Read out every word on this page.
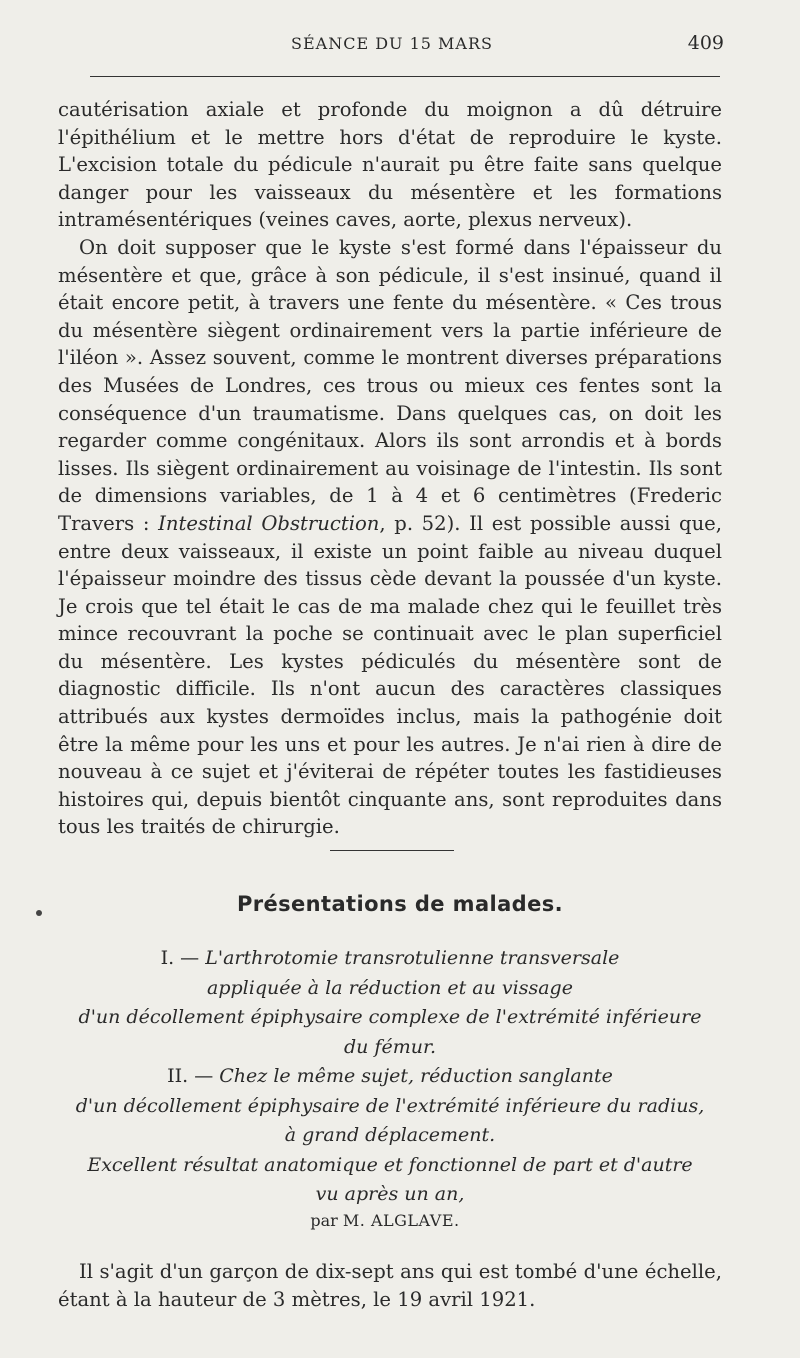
SÉANCE DU 15 MARS	409

cautérisation axiale et profonde du moignon a dû détruire l'épithélium et le mettre hors d'état de reproduire le kyste. L'excision totale du pédicule n'aurait pu être faite sans quelque danger pour les vaisseaux du mésentère et les formations intramésentériques (veines caves, aorte, plexus nerveux).

On doit supposer que le kyste s'est formé dans l'épaisseur du mésentère et que, grâce à son pédicule, il s'est insinué, quand il était encore petit, à travers une fente du mésentère. « Ces trous du mésentère siègent ordinairement vers la partie inférieure de l'iléon ». Assez souvent, comme le montrent diverses préparations des Musées de Londres, ces trous ou mieux ces fentes sont la conséquence d'un traumatisme. Dans quelques cas, on doit les regarder comme congénitaux. Alors ils sont arrondis et à bords lisses. Ils siègent ordinairement au voisinage de l'intestin. Ils sont de dimensions variables, de 1 à 4 et 6 centimètres (Frederic Travers : Intestinal Obstruction, p. 52). Il est possible aussi que, entre deux vaisseaux, il existe un point faible au niveau duquel l'épaisseur moindre des tissus cède devant la poussée d'un kyste. Je crois que tel était le cas de ma malade chez qui le feuillet très mince recouvrant la poche se continuait avec le plan superficiel du mésentère. Les kystes pédiculés du mésentère sont de diagnostic difficile. Ils n'ont aucun des caractères classiques attribués aux kystes dermoïdes inclus, mais la pathogénie doit être la même pour les uns et pour les autres. Je n'ai rien à dire de nouveau à ce sujet et j'éviterai de répéter toutes les fastidieuses histoires qui, depuis bientôt cinquante ans, sont reproduites dans tous les traités de chirurgie.

Présentations de malades.
I. — L'arthrotomie transrotulienne transversale
appliquée à la réduction et au vissage
d'un décollement épiphysaire complexe de l'extrémité inférieure
du fémur.
II. — Chez le même sujet, réduction sanglante
d'un décollement épiphysaire de l'extrémité inférieure du radius,
à grand déplacement.
Excellent résultat anatomique et fonctionnel de part et d'autre
vu après un an,
par M. ALGLAVE.

Il s'agit d'un garçon de dix-sept ans qui est tombé d'une échelle, étant à la hauteur de 3 mètres, le 19 avril 1921.
